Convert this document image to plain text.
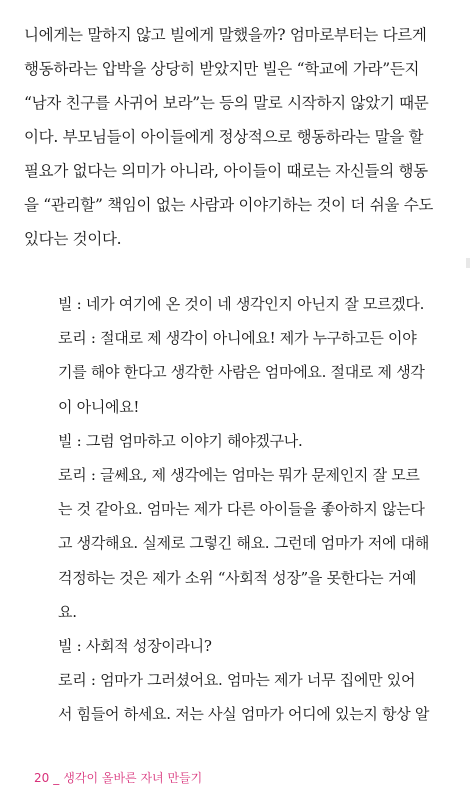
니에게는 말하지 않고 빌에게 말했을까? 엄마로부터는 다르게
행동하라는 압박을 상당히 받았지만 빌은 “학교에 가라”든지
“남자 친구를 사귀어 보라”는 등의 말로 시작하지 않았기 때문
이다. 부모님들이 아이들에게 정상적으로 행동하라는 말을 할
필요가 없다는 의미가 아니라, 아이들이 때로는 자신들의 행동
을 “관리할” 책임이 없는 사람과 이야기하는 것이 더 쉬울 수도
있다는 것이다.
빌 : 네가 여기에 온 것이 네 생각인지 아닌지 잘 모르겠다.
로리 : 절대로 제 생각이 아니에요! 제가 누구하고든 이야
기를 해야 한다고 생각한 사람은 엄마에요. 절대로 제 생각
이 아니에요!
빌 : 그럼 엄마하고 이야기 해야겠구나.
로리 : 글쎄요, 제 생각에는 엄마는 뭐가 문제인지 잘 모르
는 것 같아요. 엄마는 제가 다른 아이들을 좋아하지 않는다
고 생각해요. 실제로 그렇긴 해요. 그런데 엄마가 저에 대해
걱정하는 것은 제가 소위 “사회적 성장”을 못한다는 거예
요.
빌 : 사회적 성장이라니?
로리 : 엄마가 그러셨어요. 엄마는 제가 너무 집에만 있어
서 힘들어 하세요. 저는 사실 엄마가 어디에 있는지 항상 알
20 _ 생각이 올바른 자녀 만들기
